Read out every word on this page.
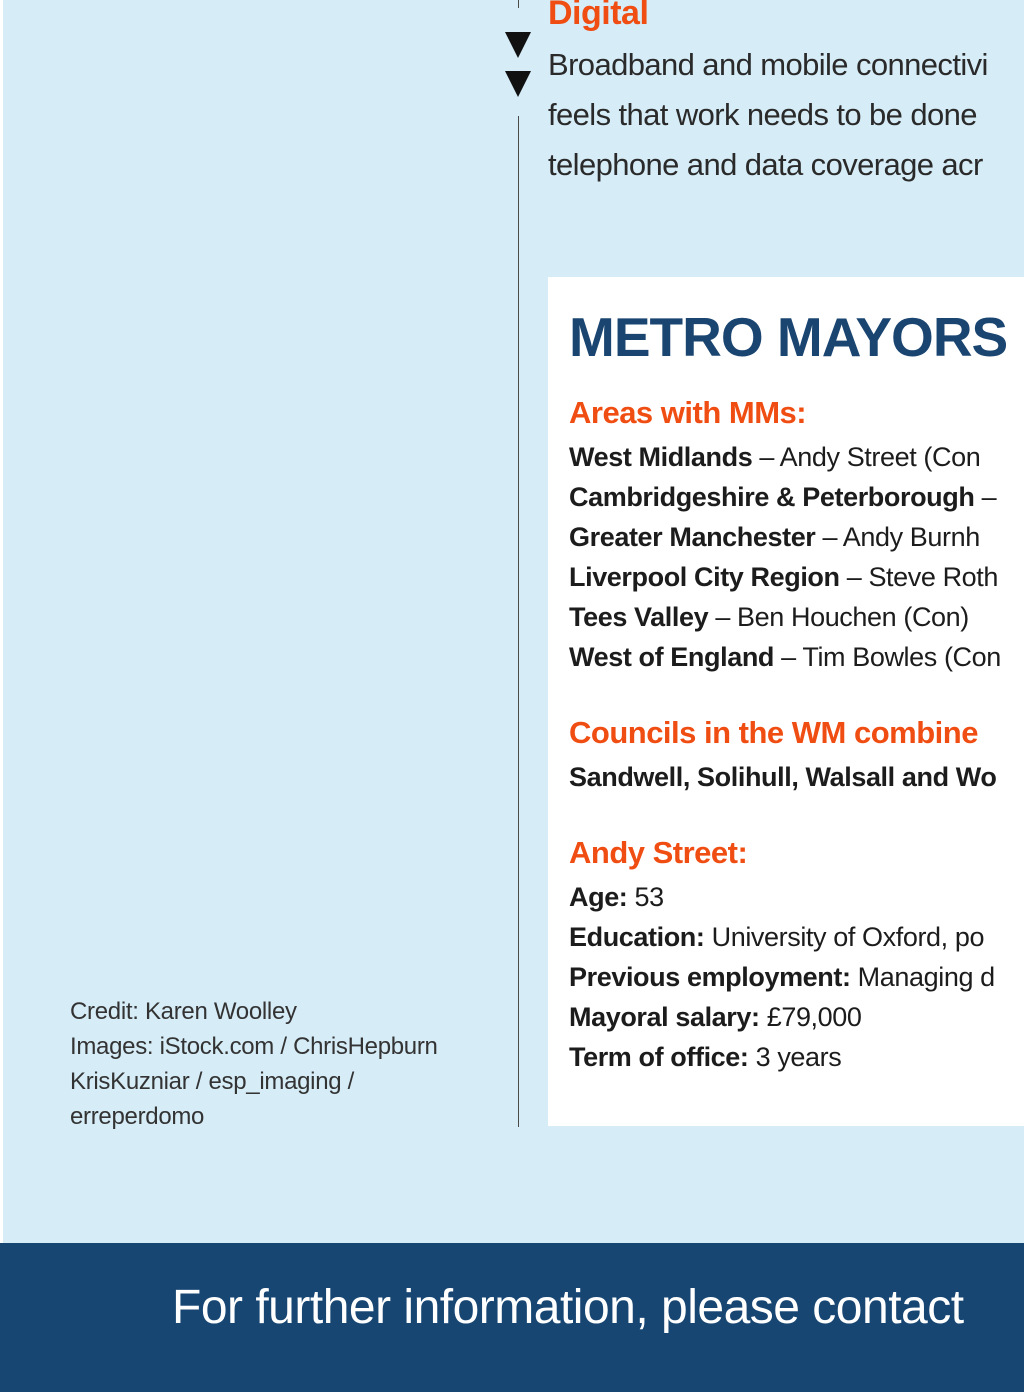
Digital
Broadband and mobile connectivi
feels that work needs to be done
telephone and data coverage acr
Credit: Karen Woolley
Images: iStock.com / ChrisHepburn
KrisKuzniar / esp_imaging /
erreperdomo
METRO MAYORS
Areas with MMs:
West Midlands – Andy Street (Con
Cambridgeshire & Peterborough –
Greater Manchester – Andy Burnh
Liverpool City Region – Steve Roth
Tees Valley – Ben Houchen (Con)
West of England – Tim Bowles (Con
Councils in the WM combine
Sandwell, Solihull, Walsall and Wo
Andy Street:
Age: 53
Education: University of Oxford, po
Previous employment: Managing d
Mayoral salary: £79,000
Term of office: 3 years
For further information, please contact
